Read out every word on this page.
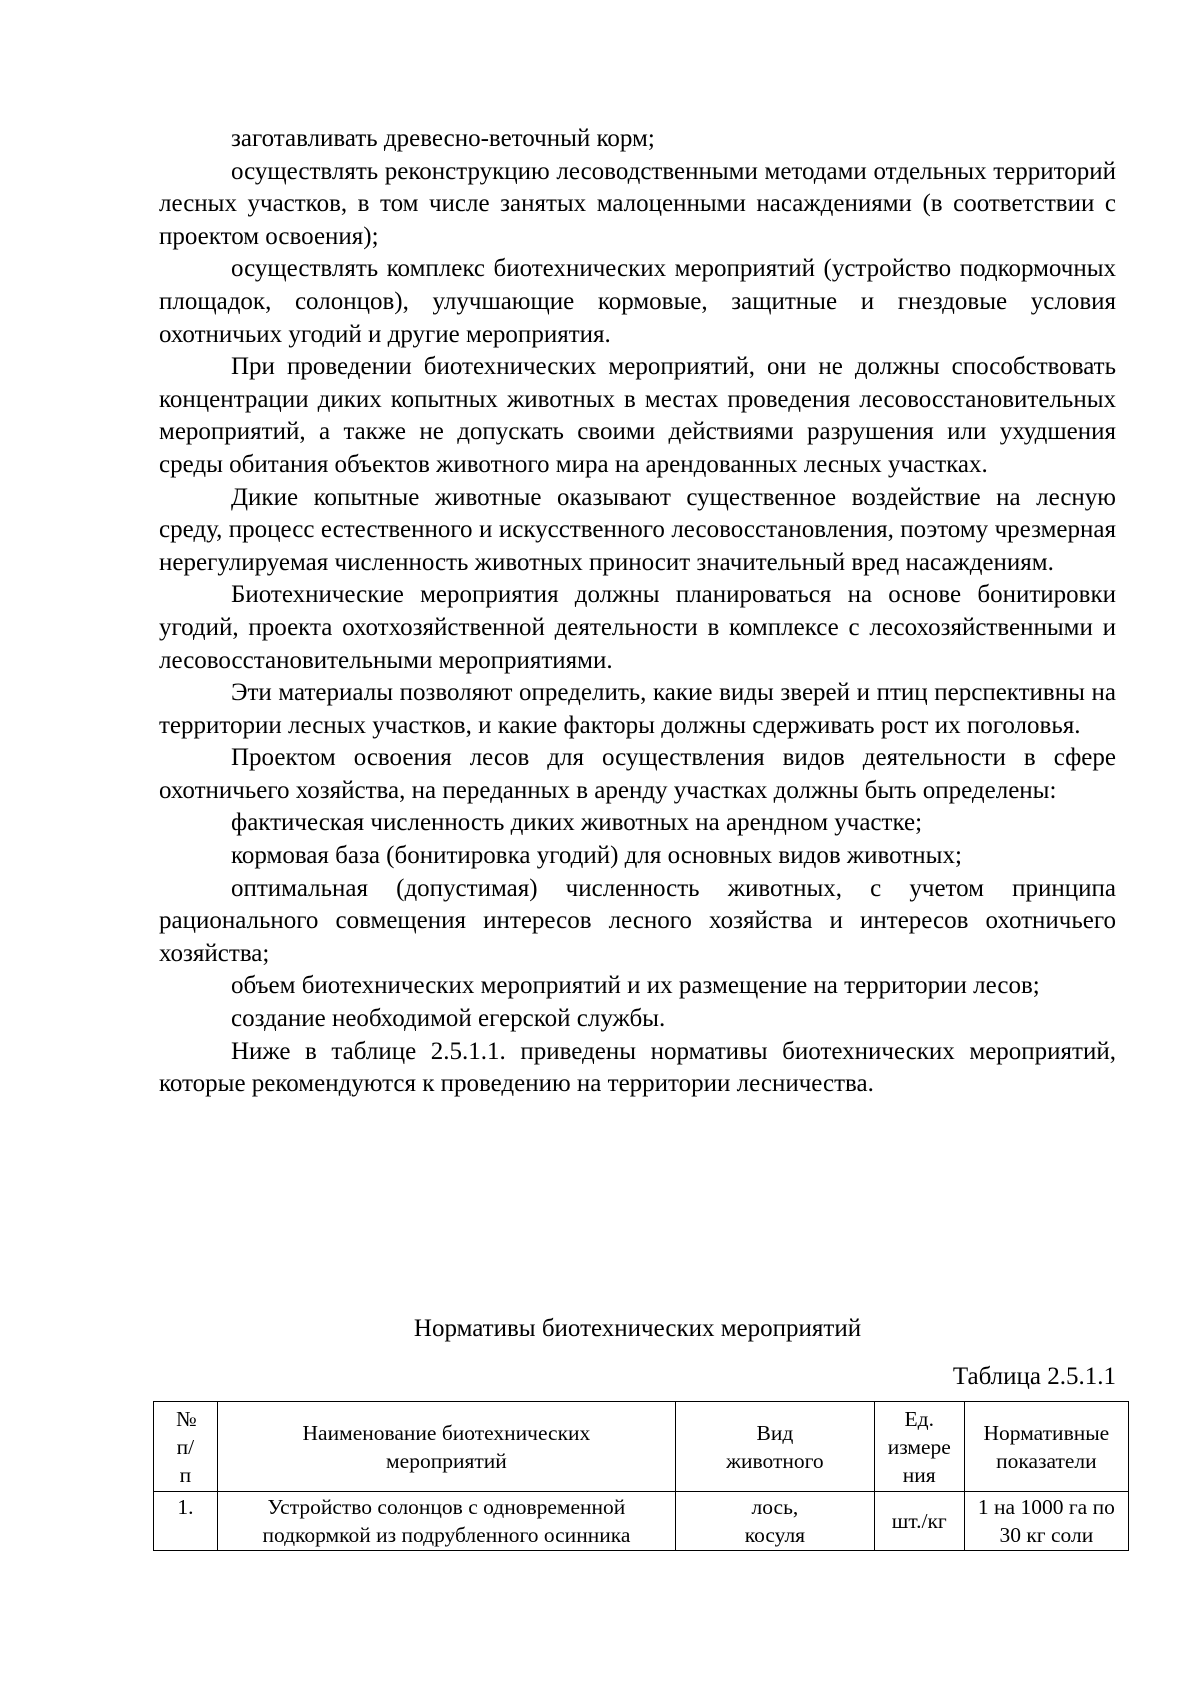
заготавливать древесно-веточный корм;

осуществлять реконструкцию лесоводственными методами отдельных территорий лесных участков, в том числе занятых малоценными насаждениями (в соответствии с проектом освоения);

осуществлять комплекс биотехнических мероприятий (устройство подкормочных площадок, солонцов), улучшающие кормовые, защитные и гнездовые условия охотничьих угодий и другие мероприятия.

При проведении биотехнических мероприятий, они не должны способствовать концентрации диких копытных животных в местах проведения лесовосстановительных мероприятий, а также не допускать своими действиями разрушения или ухудшения среды обитания объектов животного мира на арендованных лесных участках.

Дикие копытные животные оказывают существенное воздействие на лесную среду, процесс естественного и искусственного лесовосстановления, поэтому чрезмерная нерегулируемая численность животных приносит значительный вред насаждениям.

Биотехнические мероприятия должны планироваться на основе бонитировки угодий, проекта охотхозяйственной деятельности в комплексе с лесохозяйственными и лесовосстановительными мероприятиями.

Эти материалы позволяют определить, какие виды зверей и птиц перспективны на территории лесных участков, и какие факторы должны сдерживать рост их поголовья.

Проектом освоения лесов для осуществления видов деятельности в сфере охотничьего хозяйства, на переданных в аренду участках должны быть определены:

фактическая численность диких животных на арендном участке;

кормовая база (бонитировка угодий) для основных видов животных;

оптимальная (допустимая) численность животных, с учетом принципа рационального совмещения интересов лесного хозяйства и интересов охотничьего хозяйства;

объем биотехнических мероприятий и их размещение на территории лесов;

создание необходимой егерской службы.

Ниже в таблице 2.5.1.1. приведены нормативы биотехнических мероприятий, которые рекомендуются к проведению на территории лесничества.

Нормативы биотехнических мероприятий

Таблица 2.5.1.1

№ п/п	Наименование биотехнических мероприятий	Вид животного	Ед. измере ния	Нормативные показатели
1.	Устройство солонцов с одновременной подкормкой из подрубленного осинника	лось, косуля	шт./кг	1 на 1000 га по 30 кг соли
